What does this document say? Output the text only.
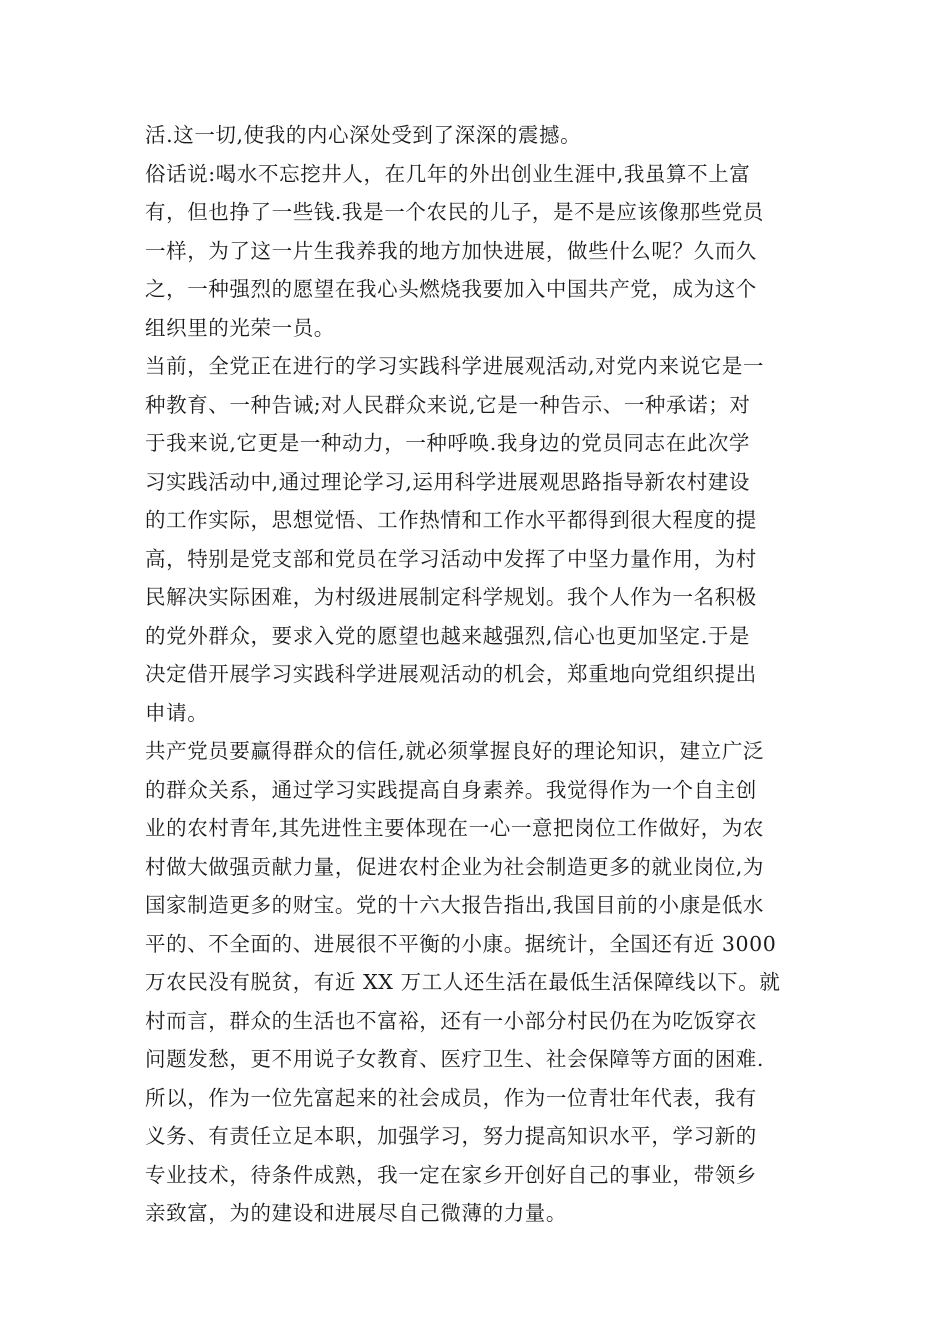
活.这一切,使我的内心深处受到了深深的震撼。

俗话说:喝水不忘挖井人，在几年的外出创业生涯中,我虽算不上富
有，但也挣了一些钱.我是一个农民的儿子，是不是应该像那些党员
一样，为了这一片生我养我的地方加快进展，做些什么呢？久而久
之，一种强烈的愿望在我心头燃烧我要加入中国共产党，成为这个
组织里的光荣一员。

当前，全党正在进行的学习实践科学进展观活动,对党内来说它是一
种教育、一种告诫;对人民群众来说,它是一种告示、一种承诺；对
于我来说,它更是一种动力，一种呼唤.我身边的党员同志在此次学
习实践活动中,通过理论学习,运用科学进展观思路指导新农村建设
的工作实际，思想觉悟、工作热情和工作水平都得到很大程度的提
高，特别是党支部和党员在学习活动中发挥了中坚力量作用，为村
民解决实际困难，为村级进展制定科学规划。我个人作为一名积极
的党外群众，要求入党的愿望也越来越强烈,信心也更加坚定.于是
决定借开展学习实践科学进展观活动的机会，郑重地向党组织提出
申请。

共产党员要赢得群众的信任,就必须掌握良好的理论知识，建立广泛
的群众关系，通过学习实践提高自身素养。我觉得作为一个自主创
业的农村青年,其先进性主要体现在一心一意把岗位工作做好，为农
村做大做强贡献力量，促进农村企业为社会制造更多的就业岗位,为
国家制造更多的财宝。党的十六大报告指出,我国目前的小康是低水
平的、不全面的、进展很不平衡的小康。据统计，全国还有近 3000
万农民没有脱贫，有近 XX 万工人还生活在最低生活保障线以下。就
村而言，群众的生活也不富裕，还有一小部分村民仍在为吃饭穿衣
问题发愁，更不用说子女教育、医疗卫生、社会保障等方面的困难.
所以，作为一位先富起来的社会成员，作为一位青壮年代表，我有
义务、有责任立足本职，加强学习，努力提高知识水平，学习新的
专业技术，待条件成熟，我一定在家乡开创好自己的事业，带领乡
亲致富，为的建设和进展尽自己微薄的力量。
